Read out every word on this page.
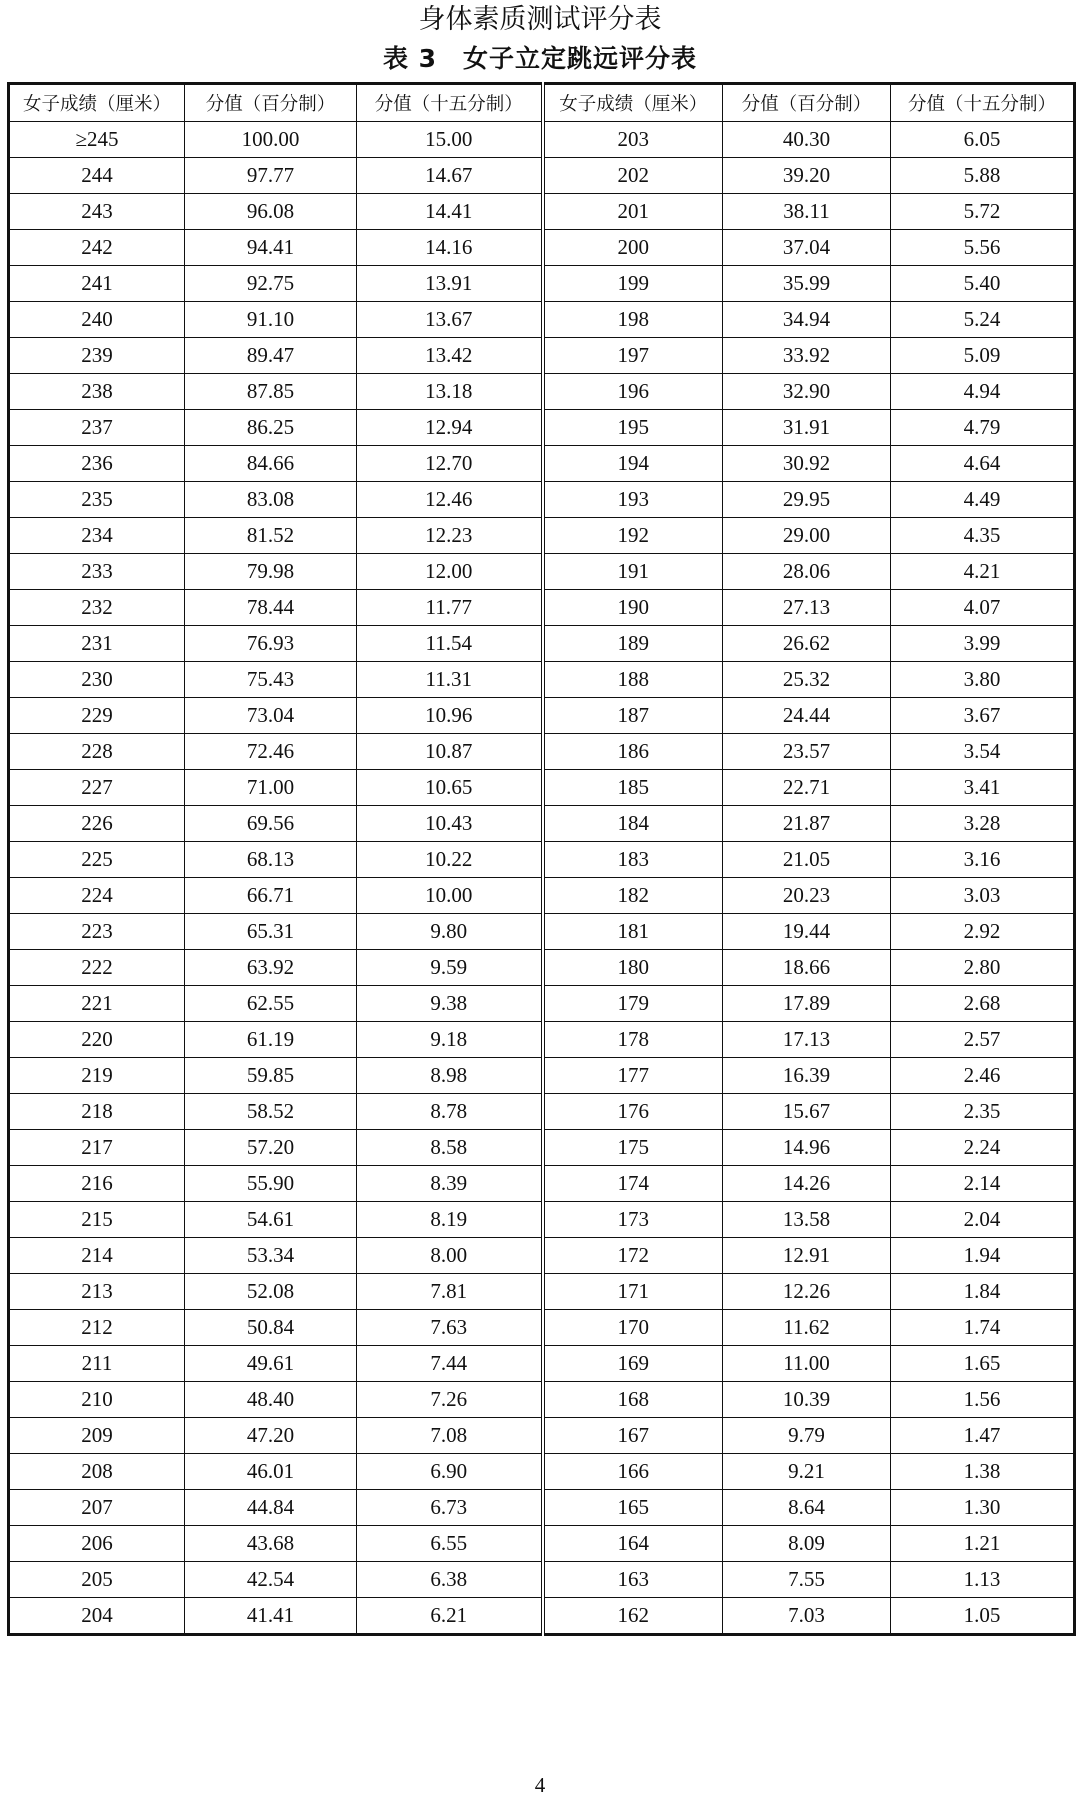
身体素质测试评分表
表 3　女子立定跳远评分表
女子成绩（厘米）	分值（百分制）	分值（十五分制）	女子成绩（厘米）	分值（百分制）	分值（十五分制）
≥245	100.00	15.00	203	40.30	6.05
244	97.77	14.67	202	39.20	5.88
243	96.08	14.41	201	38.11	5.72
242	94.41	14.16	200	37.04	5.56
241	92.75	13.91	199	35.99	5.40
240	91.10	13.67	198	34.94	5.24
239	89.47	13.42	197	33.92	5.09
238	87.85	13.18	196	32.90	4.94
237	86.25	12.94	195	31.91	4.79
236	84.66	12.70	194	30.92	4.64
235	83.08	12.46	193	29.95	4.49
234	81.52	12.23	192	29.00	4.35
233	79.98	12.00	191	28.06	4.21
232	78.44	11.77	190	27.13	4.07
231	76.93	11.54	189	26.62	3.99
230	75.43	11.31	188	25.32	3.80
229	73.04	10.96	187	24.44	3.67
228	72.46	10.87	186	23.57	3.54
227	71.00	10.65	185	22.71	3.41
226	69.56	10.43	184	21.87	3.28
225	68.13	10.22	183	21.05	3.16
224	66.71	10.00	182	20.23	3.03
223	65.31	9.80	181	19.44	2.92
222	63.92	9.59	180	18.66	2.80
221	62.55	9.38	179	17.89	2.68
220	61.19	9.18	178	17.13	2.57
219	59.85	8.98	177	16.39	2.46
218	58.52	8.78	176	15.67	2.35
217	57.20	8.58	175	14.96	2.24
216	55.90	8.39	174	14.26	2.14
215	54.61	8.19	173	13.58	2.04
214	53.34	8.00	172	12.91	1.94
213	52.08	7.81	171	12.26	1.84
212	50.84	7.63	170	11.62	1.74
211	49.61	7.44	169	11.00	1.65
210	48.40	7.26	168	10.39	1.56
209	47.20	7.08	167	9.79	1.47
208	46.01	6.90	166	9.21	1.38
207	44.84	6.73	165	8.64	1.30
206	43.68	6.55	164	8.09	1.21
205	42.54	6.38	163	7.55	1.13
204	41.41	6.21	162	7.03	1.05
4
